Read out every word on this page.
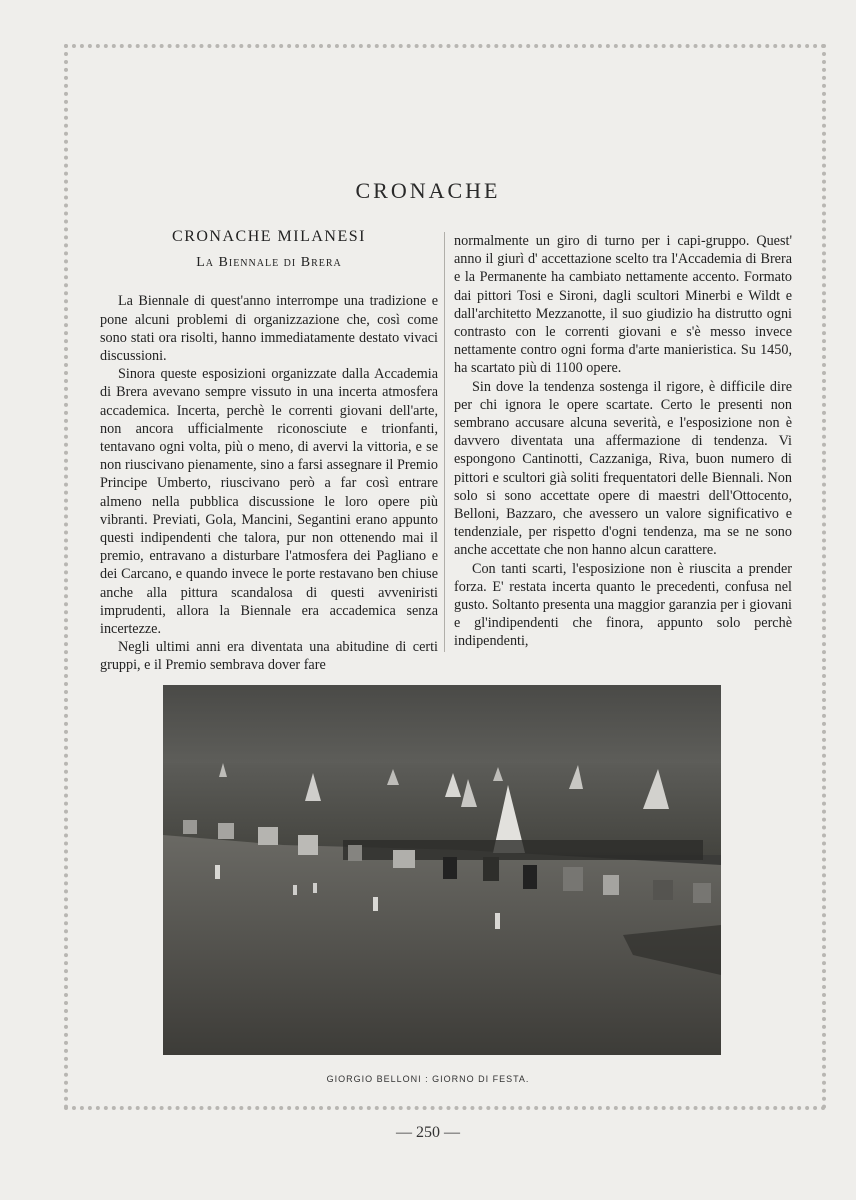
CRONACHE
CRONACHE MILANESI
La Biennale di Brera

La Biennale di quest'anno interrompe una tradizione e pone alcuni problemi di organizzazione che, così come sono stati ora risolti, hanno immediatamente destato vivaci discussioni.

Sinora queste esposizioni organizzate dalla Accademia di Brera avevano sempre vissuto in una incerta atmosfera accademica. Incerta, perchè le correnti giovani dell'arte, non ancora ufficialmente riconosciute e trionfanti, tentavano ogni volta, più o meno, di avervi la vittoria, e se non riuscivano pienamente, sino a farsi assegnare il Premio Principe Umberto, riuscivano però a far così entrare almeno nella pubblica discussione le loro opere più vibranti. Previati, Gola, Mancini, Segantini erano appunto questi indipendenti che talora, pur non ottenendo mai il premio, entravano a disturbare l'atmosfera dei Pagliano e dei Carcano, e quando invece le porte restavano ben chiuse anche alla pittura scandalosa di questi avveniristi imprudenti, allora la Biennale era accademica senza incertezze.

Negli ultimi anni era diventata una abitudine di certi gruppi, e il Premio sembrava dover fare

normalmente un giro di turno per i capi-gruppo. Quest' anno il giurì d' accettazione scelto tra l'Accademia di Brera e la Permanente ha cambiato nettamente accento. Formato dai pittori Tosi e Sironi, dagli scultori Minerbi e Wildt e dall'architetto Mezzanotte, il suo giudizio ha distrutto ogni contrasto con le correnti giovani e s'è messo invece nettamente contro ogni forma d'arte manieristica. Su 1450, ha scartato più di 1100 opere.

Sin dove la tendenza sostenga il rigore, è difficile dire per chi ignora le opere scartate. Certo le presenti non sembrano accusare alcuna severità, e l'esposizione non è davvero diventata una affermazione di tendenza. Vi espongono Cantinotti, Cazzaniga, Riva, buon numero di pittori e scultori già soliti frequentatori delle Biennali. Non solo si sono accettate opere di maestri dell'Ottocento, Belloni, Bazzaro, che avessero un valore significativo e tendenziale, per rispetto d'ogni tendenza, ma se ne sono anche accettate che non hanno alcun carattere.

Con tanti scarti, l'esposizione non è riuscita a prender forza. E' restata incerta quanto le precedenti, confusa nel gusto. Soltanto presenta una maggior garanzia per i giovani e gl'indipendenti che finora, appunto solo perchè indipendenti,

GIORGIO BELLONI : GIORNO DI FESTA.
— 250 —
